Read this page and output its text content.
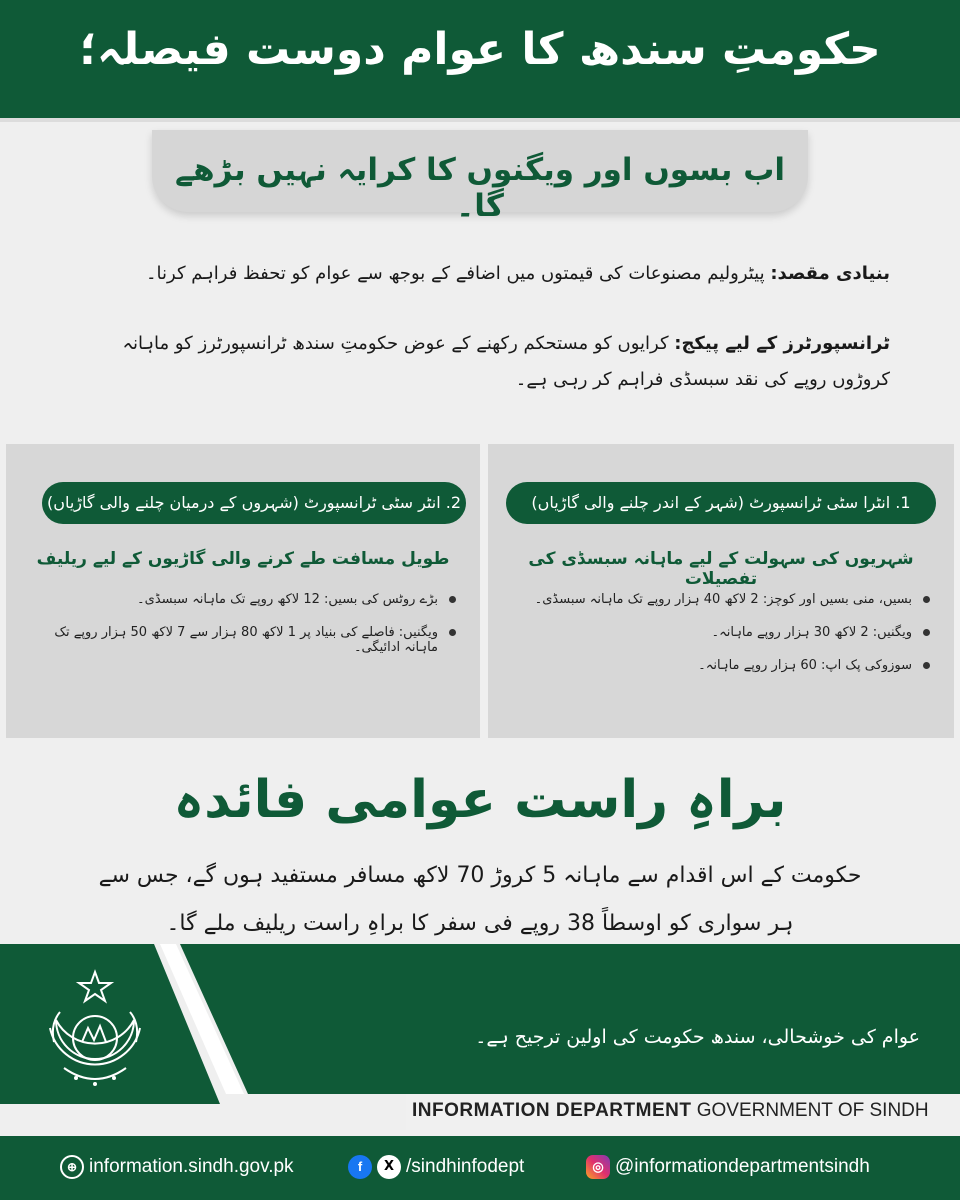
حکومتِ سندھ کا عوام دوست فیصلہ؛
اب بسوں اور ویگنوں کا کرایہ نہیں بڑھے گا۔
بنیادی مقصد: پیٹرولیم مصنوعات کی قیمتوں میں اضافے کے بوجھ سے عوام کو تحفظ فراہم کرنا۔
ٹرانسپورٹرز کے لیے پیکج: کرایوں کو مستحکم رکھنے کے عوض حکومتِ سندھ ٹرانسپورٹرز کو ماہانہ کروڑوں روپے کی نقد سبسڈی فراہم کر رہی ہے۔
2. انٹر سٹی ٹرانسپورٹ (شہروں کے درمیان چلنے والی گاڑیاں)
طویل مسافت طے کرنے والی گاڑیوں کے لیے ریلیف
بڑے روٹس کی بسیں: 12 لاکھ روپے تک ماہانہ سبسڈی۔
ویگنیں: فاصلے کی بنیاد پر 1 لاکھ 80 ہزار سے 7 لاکھ 50 ہزار روپے تک ماہانہ ادائیگی۔
1. انٹرا سٹی ٹرانسپورٹ (شہر کے اندر چلنے والی گاڑیاں)
شہریوں کی سہولت کے لیے ماہانہ سبسڈی کی تفصیلات
بسیں، منی بسیں اور کوچز: 2 لاکھ 40 ہزار روپے تک ماہانہ سبسڈی۔
ویگنیں: 2 لاکھ 30 ہزار روپے ماہانہ۔
سوزوکی پک اپ: 60 ہزار روپے ماہانہ۔
براہِ راست عوامی فائدہ
حکومت کے اس اقدام سے ماہانہ 5 کروڑ 70 لاکھ مسافر مستفید ہوں گے، جس سے ہر سواری کو اوسطاً 38 روپے فی سفر کا براہِ راست ریلیف ملے گا۔
عوام کی خوشحالی، سندھ حکومت کی اولین ترجیح ہے۔
INFORMATION DEPARTMENT GOVERNMENT OF SINDH
⊕ information.sindh.gov.pk	f	X /sindhinfodept	◎ @informationdepartmentsindh
